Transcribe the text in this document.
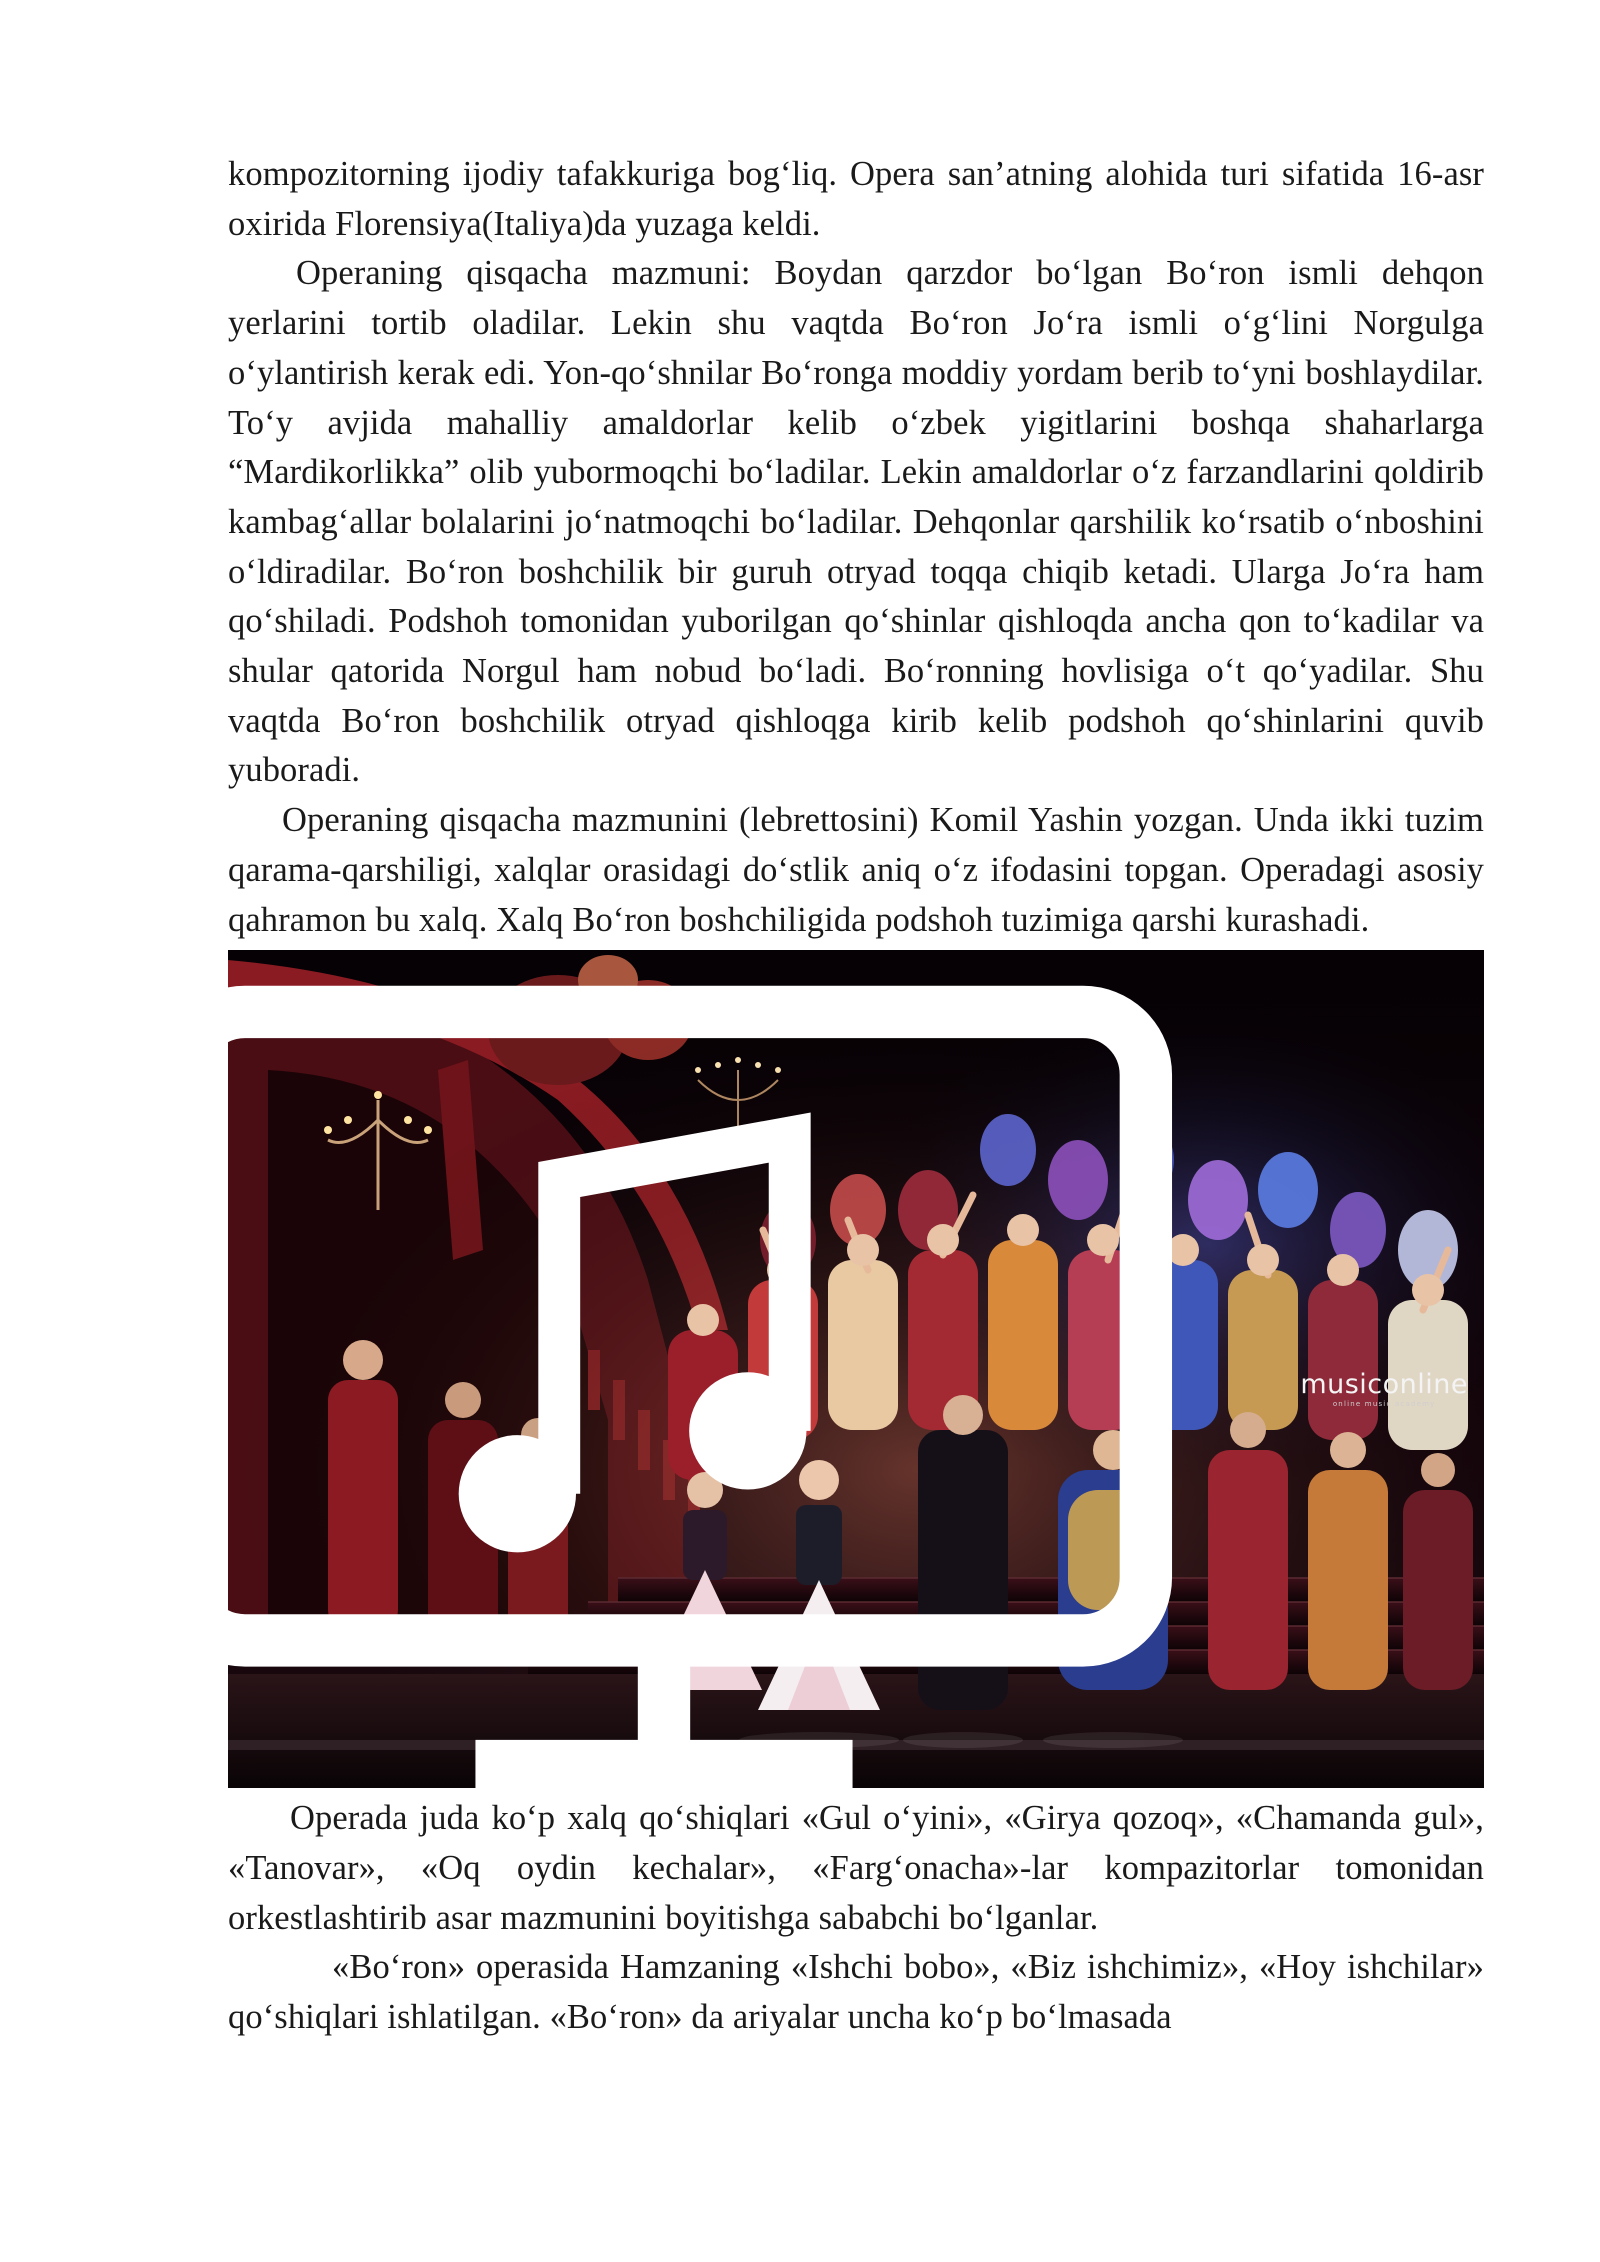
kompozitorning ijodiy tafakkuriga bog‘liq. Opera san’atning alohida turi sifatida 16-asr oxirida Florensiya(Italiya)da yuzaga keldi.

Operaning qisqacha mazmuni: Boydan qarzdor bo‘lgan Bo‘ron ismli dehqon yerlarini tortib oladilar. Lekin shu vaqtda Bo‘ron Jo‘ra ismli o‘g‘lini Norgulga o‘ylantirish kerak edi. Yon-qo‘shnilar Bo‘ronga moddiy yordam berib to‘yni boshlaydilar. To‘y avjida mahalliy amaldorlar kelib o‘zbek yigitlarini boshqa shaharlarga “Mardikorlikka” olib yubormoqchi bo‘ladilar. Lekin amaldorlar o‘z farzandlarini qoldirib kambag‘allar bolalarini jo‘natmoqchi bo‘ladilar. Dehqonlar qarshilik ko‘rsatib o‘nboshini o‘ldiradilar. Bo‘ron boshchilik bir guruh otryad toqqa chiqib ketadi. Ularga Jo‘ra ham qo‘shiladi. Podshoh tomonidan yuborilgan qo‘shinlar qishloqda ancha qon to‘kadilar va shular qatorida Norgul ham nobud bo‘ladi. Bo‘ronning hovlisiga o‘t qo‘yadilar. Shu vaqtda Bo‘ron boshchilik otryad qishloqga kirib kelib podshoh qo‘shinlarini quvib yuboradi.

Operaning qisqacha mazmunini (lebrettosini) Komil Yashin yozgan. Unda ikki tuzim qarama-qarshiligi, xalqlar orasidagi do‘stlik aniq o‘z ifodasini topgan. Operadagi asosiy qahramon bu xalq. Xalq Bo‘ron boshchiligida podshoh tuzimiga qarshi kurashadi.

musiconline
online music academy

Operada juda ko‘p xalq qo‘shiqlari «Gul o‘yini», «Girya qozoq», «Chamanda gul», «Tanovar», «Oq oydin kechalar», «Farg‘onacha»-lar kompazitorlar tomonidan orkestlashtirib asar mazmunini boyitishga sababchi bo‘lganlar.

«Bo‘ron» operasida Hamzaning «Ishchi bobo», «Biz ishchimiz», «Hoy ishchilar» qo‘shiqlari ishlatilgan. «Bo‘ron» da ariyalar uncha ko‘p bo‘lmasada
